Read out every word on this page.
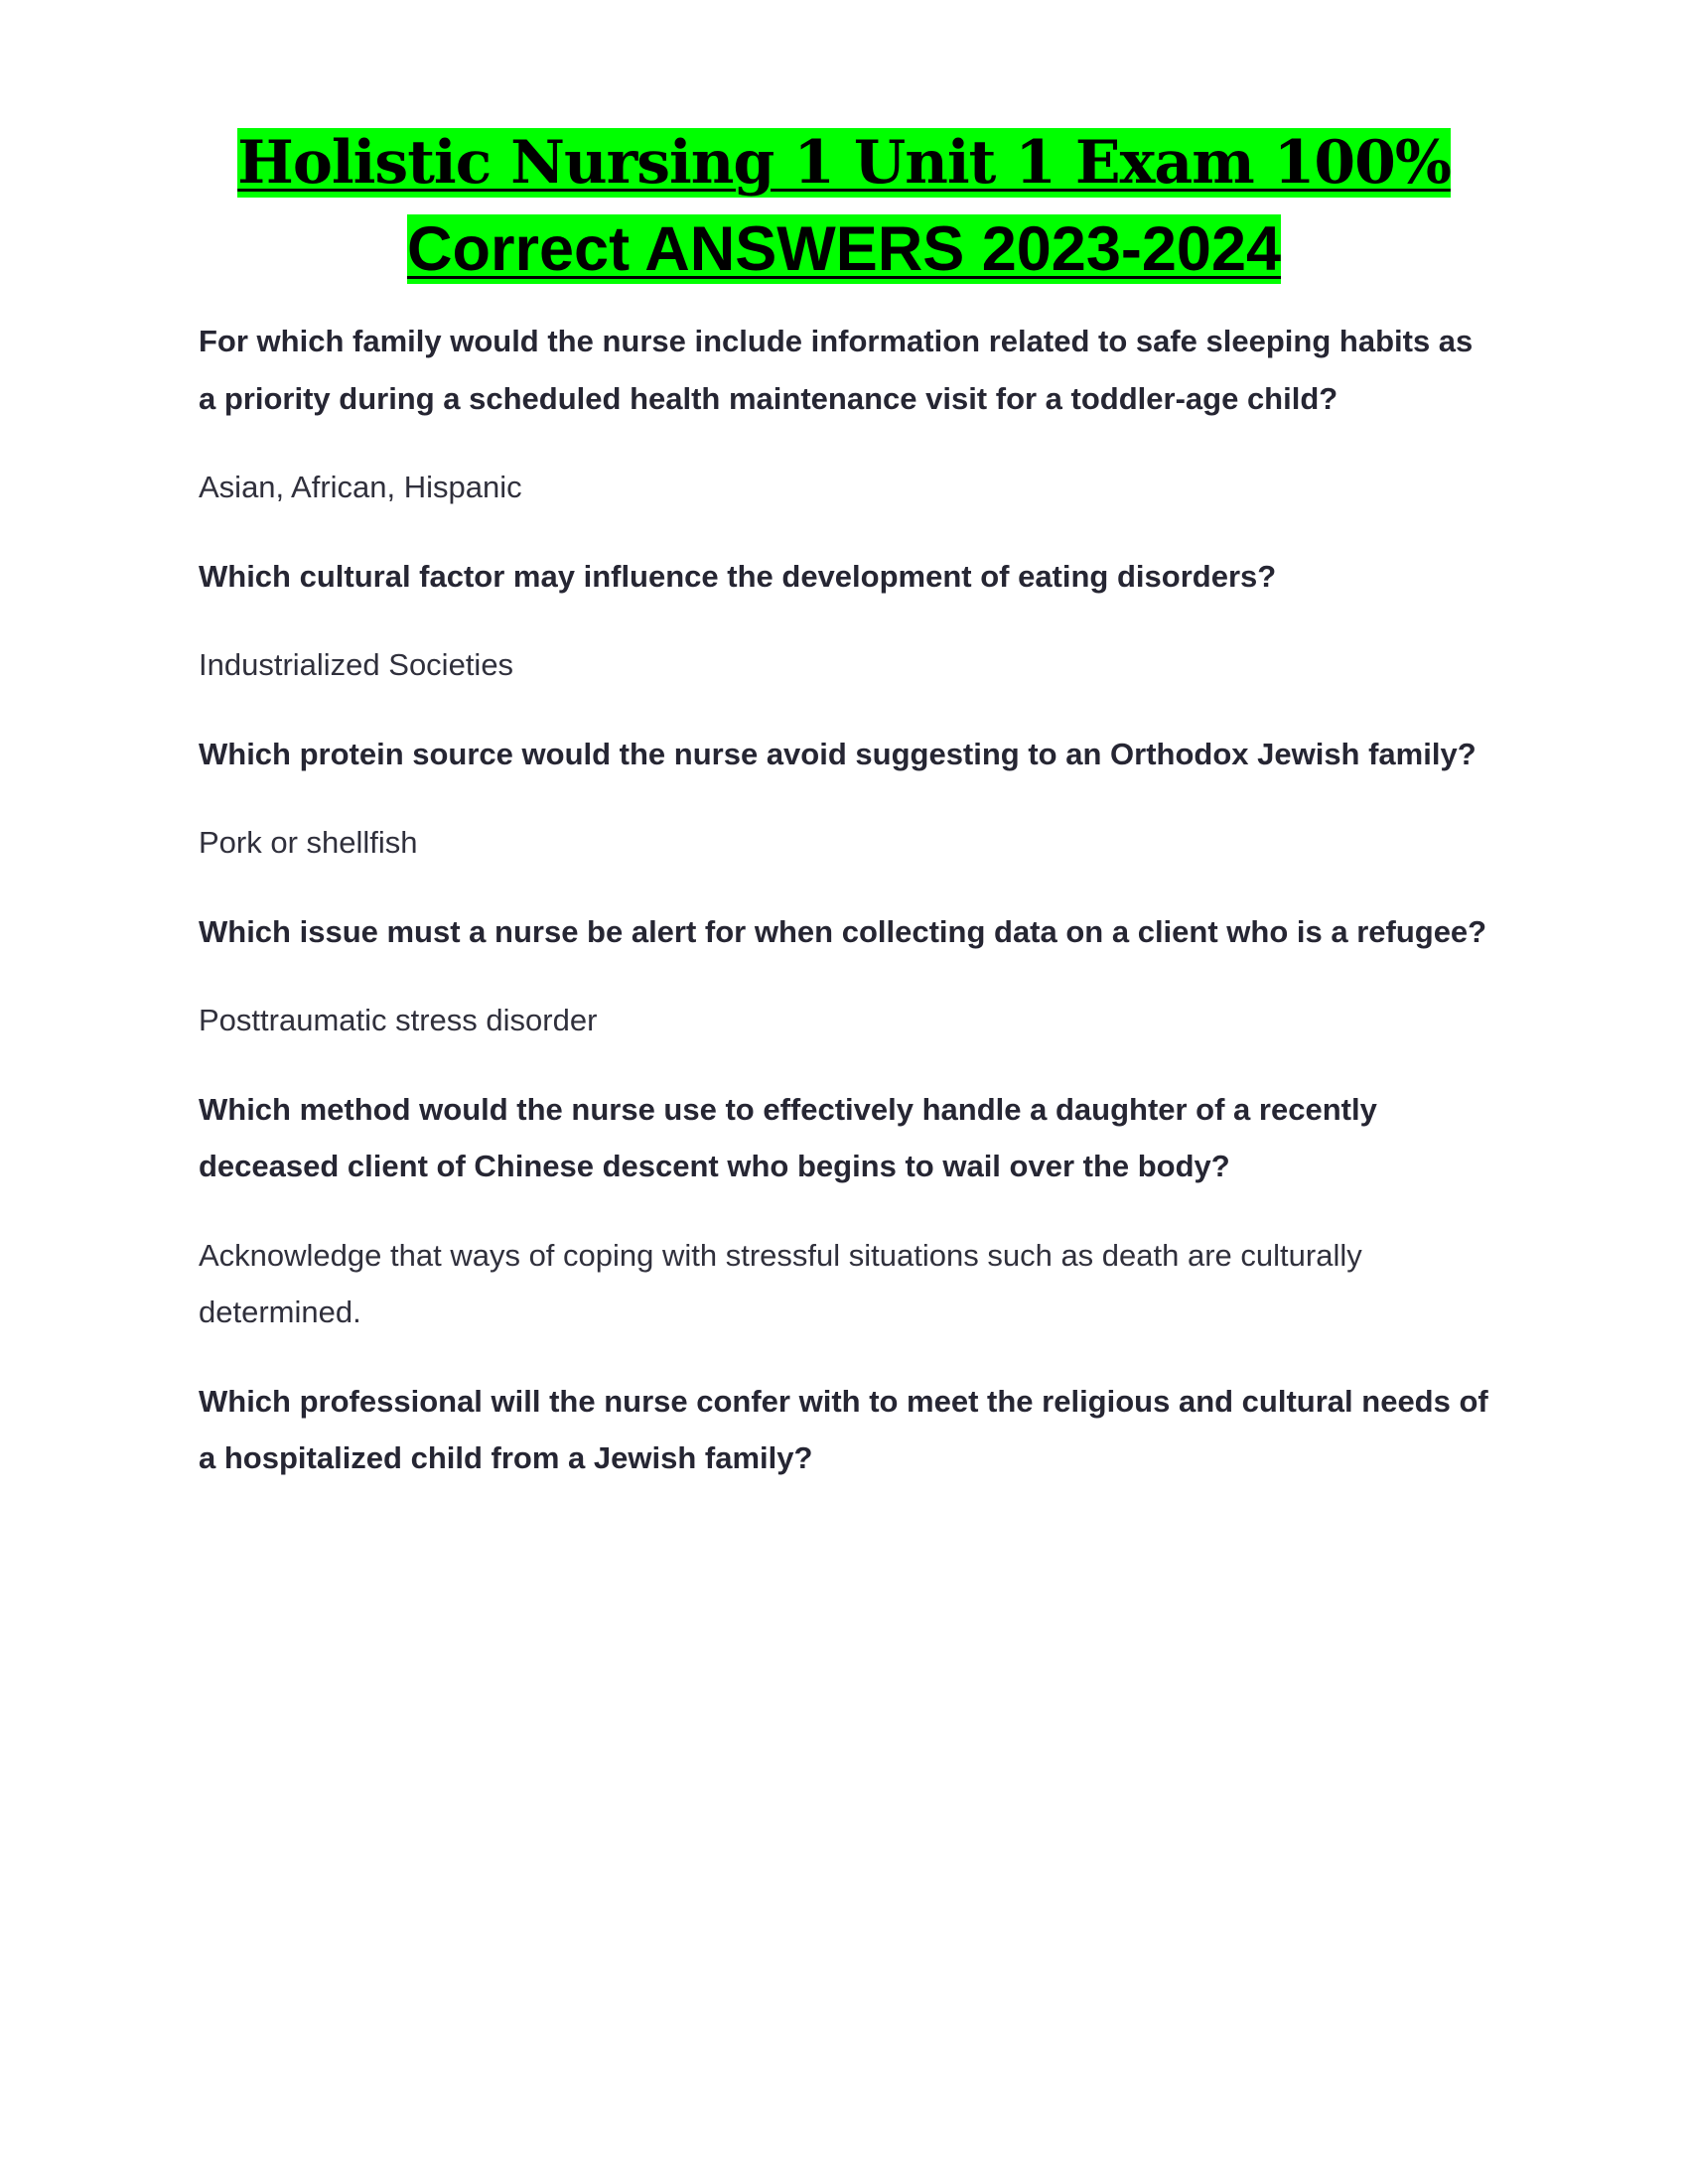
Holistic Nursing 1 Unit 1 Exam 100%
Correct ANSWERS 2023-2024

For which family would the nurse include information related to safe sleeping habits as a priority during a scheduled health maintenance visit for a toddler-age child?

Asian, African, Hispanic

Which cultural factor may influence the development of eating disorders?

Industrialized Societies

Which protein source would the nurse avoid suggesting to an Orthodox Jewish family?

Pork or shellfish

Which issue must a nurse be alert for when collecting data on a client who is a refugee?

Posttraumatic stress disorder

Which method would the nurse use to effectively handle a daughter of a recently deceased client of Chinese descent who begins to wail over the body?

Acknowledge that ways of coping with stressful situations such as death are culturally determined.

Which professional will the nurse confer with to meet the religious and cultural needs of a hospitalized child from a Jewish family?
